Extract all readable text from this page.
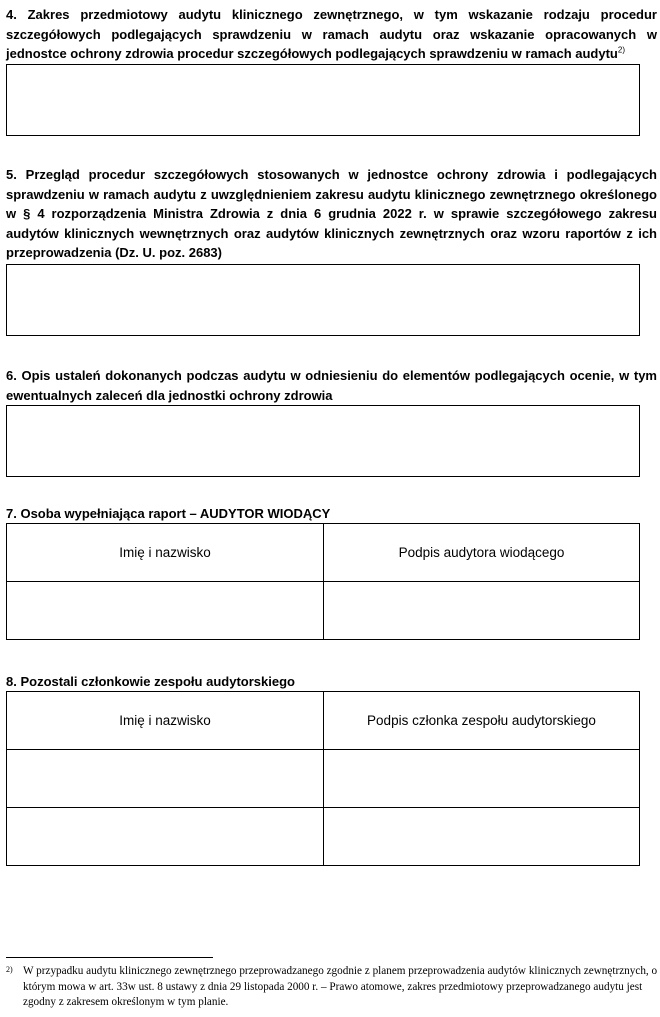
4. Zakres przedmiotowy audytu klinicznego zewnętrznego, w tym wskazanie rodzaju procedur szczegółowych podlegających sprawdzeniu w ramach audytu oraz wskazanie opracowanych w jednostce ochrony zdrowia procedur szczegółowych podlegających sprawdzeniu w ramach audytu$^{2)}$

5. Przegląd procedur szczegółowych stosowanych w jednostce ochrony zdrowia i podlegających sprawdzeniu w ramach audytu z uwzględnieniem zakresu audytu klinicznego zewnętrznego określonego w § 4 rozporządzenia Ministra Zdrowia z dnia 6 grudnia 2022 r. w sprawie szczegółowego zakresu audytów klinicznych wewnętrznych oraz audytów klinicznych zewnętrznych oraz wzoru raportów z ich przeprowadzenia (Dz. U. poz. 2683)

6. Opis ustaleń dokonanych podczas audytu w odniesieniu do elementów podlegających ocenie, w tym ewentualnych zaleceń dla jednostki ochrony zdrowia

7. Osoba wypełniająca raport – AUDYTOR WIODĄCY

Imię i nazwisko	Podpis audytora wiodącego

8. Pozostali członkowie zespołu audytorskiego

Imię i nazwisko	Podpis członka zespołu audytorskiego

2) W przypadku audytu klinicznego zewnętrznego przeprowadzanego zgodnie z planem przeprowadzenia audytów klinicznych zewnętrznych, o którym mowa w art. 33w ust. 8 ustawy z dnia 29 listopada 2000 r. – Prawo atomowe, zakres przedmiotowy przeprowadzanego audytu jest zgodny z zakresem określonym w tym planie.
